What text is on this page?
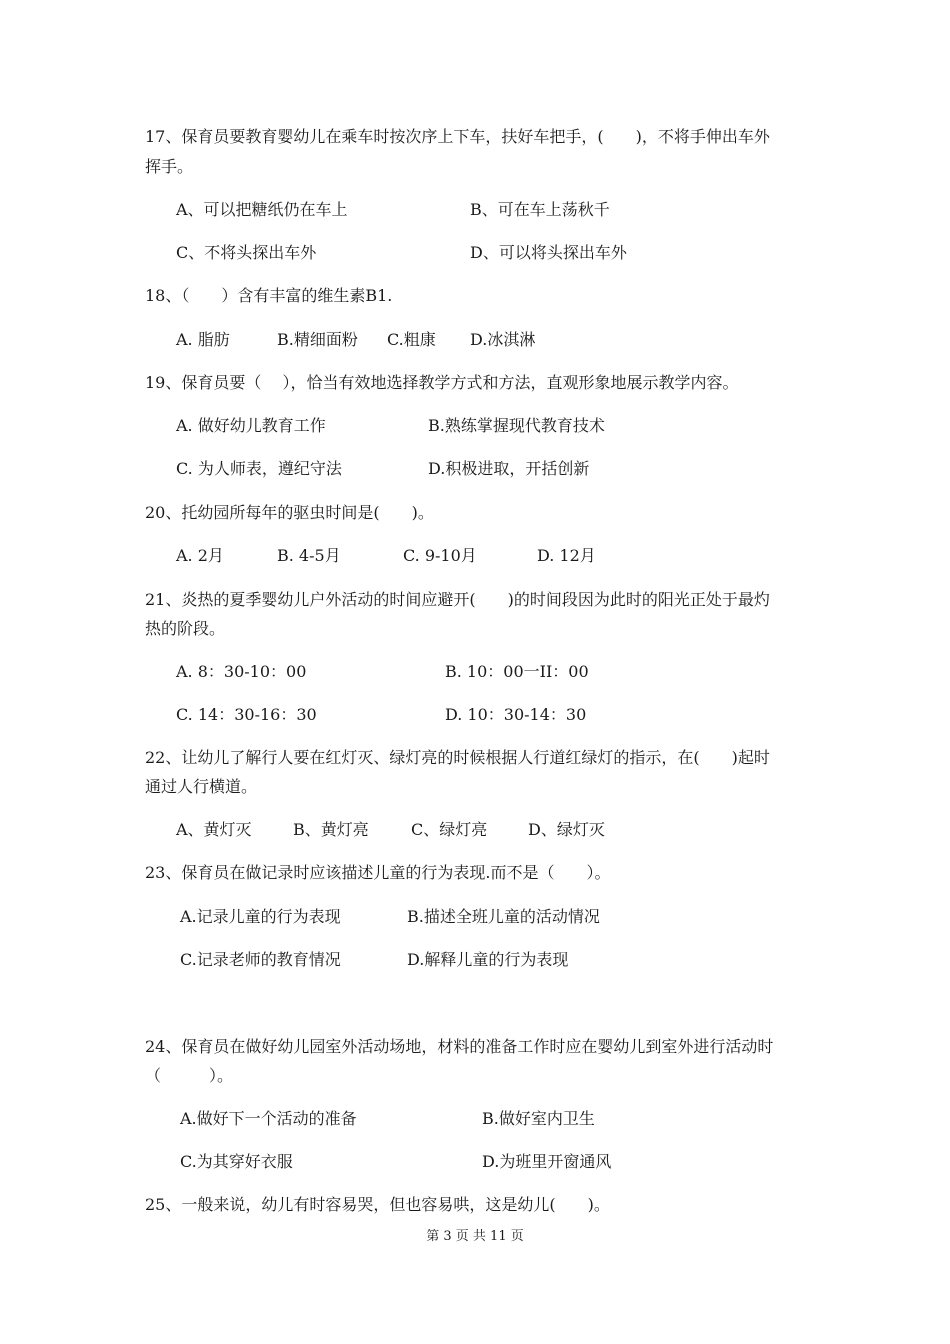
17、保育员要教育婴幼儿在乘车时按次序上下车，扶好车把手，(　　)，不将手伸出车外
挥手。
A、可以把糖纸仍在车上	B、可在车上荡秋千
C、不将头探出车外	D、可以将头探出车外
18、（　　）含有丰富的维生素B1.
A. 脂肪	B.精细面粉 C.粗康 D.冰淇淋
19、保育员要（　 ），恰当有效地选择教学方式和方法，直观形象地展示教学内容。
A. 做好幼儿教育工作	B.熟练掌握现代教育技术
C. 为人师表，遵纪守法	D.积极进取，开括创新
20、托幼园所每年的驱虫时间是(　　)。
A. 2月	B. 4-5月	C. 9-10月	D. 12月
21、炎热的夏季婴幼儿户外活动的时间应避开(　　)的时间段因为此时的阳光正处于最灼
热的阶段。
A. 8：30-10：00	B. 10：00一II：00
C. 14：30-16：30	D. 10：30-14：30
22、让幼儿了解行人要在红灯灭、绿灯亮的时候根据人行道红绿灯的指示，在(　　)起时
通过人行横道。
A、黄灯灭	B、黄灯亮	C、绿灯亮	D、绿灯灭
23、保育员在做记录时应该描述儿童的行为表现.而不是（　　）。
A.记录儿童的行为表现	B.描述全班儿童的活动情况
C.记录老师的教育情况	D.解释儿童的行为表现
24、保育员在做好幼儿园室外活动场地，材料的准备工作时应在婴幼儿到室外进行活动时
（　　　）。
A.做好下一个活动的准备	B.做好室内卫生
C.为其穿好衣服	D.为班里开窗通风
25、一般来说，幼儿有时容易哭，但也容易哄，这是幼儿(　　)。
第 3 页 共 11 页
